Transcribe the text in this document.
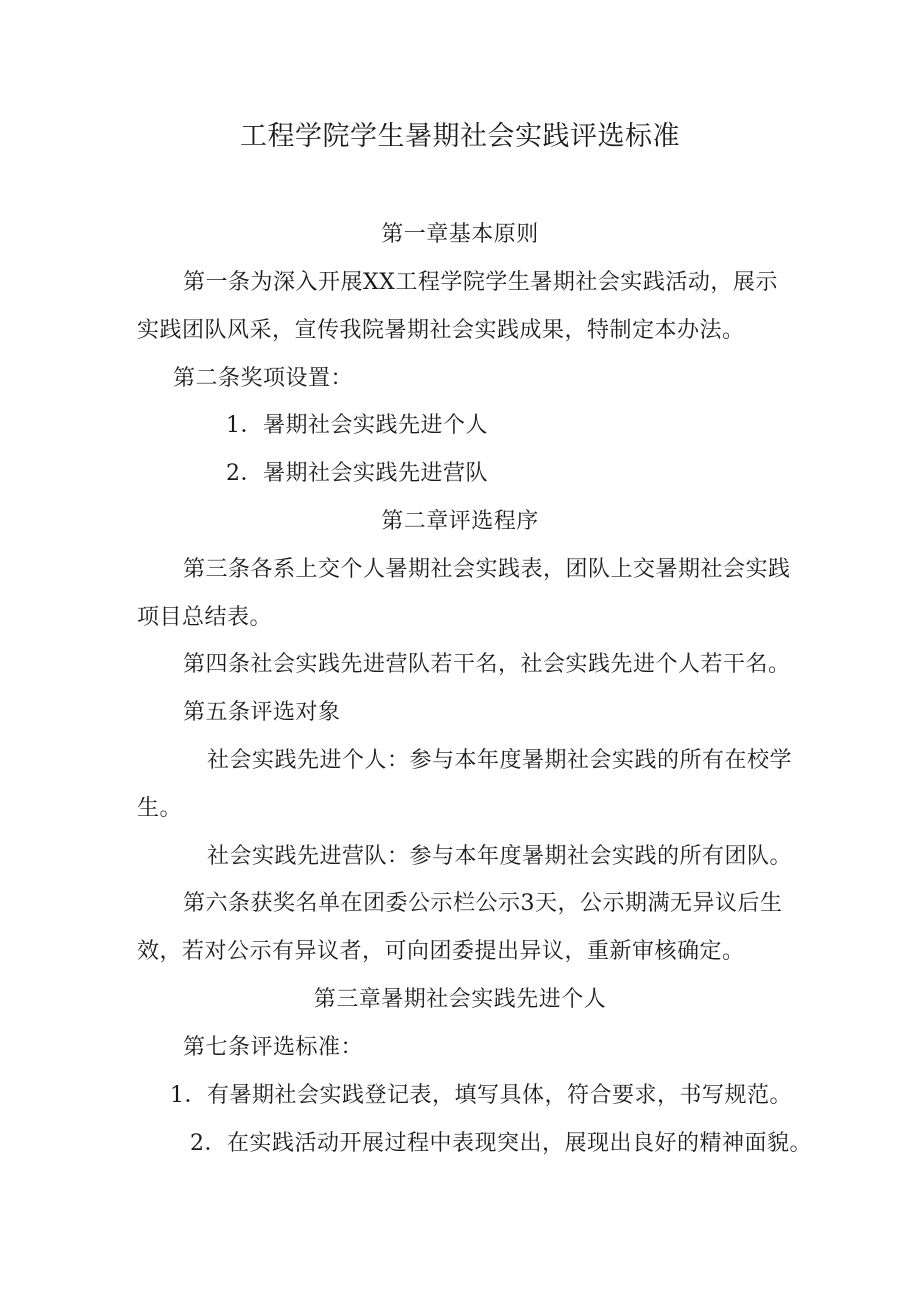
工程学院学生暑期社会实践评选标准
第一章基本原则
第一条为深入开展XX工程学院学生暑期社会实践活动，展示
实践团队风采，宣传我院暑期社会实践成果，特制定本办法。
第二条奖项设置：
1．暑期社会实践先进个人
2．暑期社会实践先进营队
第二章评选程序
第三条各系上交个人暑期社会实践表，团队上交暑期社会实践
项目总结表。
第四条社会实践先进营队若干名，社会实践先进个人若干名。
第五条评选对象
社会实践先进个人：参与本年度暑期社会实践的所有在校学
生。
社会实践先进营队：参与本年度暑期社会实践的所有团队。
第六条获奖名单在团委公示栏公示3天，公示期满无异议后生
效，若对公示有异议者，可向团委提出异议，重新审核确定。
第三章暑期社会实践先进个人
第七条评选标准：
1．有暑期社会实践登记表，填写具体，符合要求，书写规范。
2．在实践活动开展过程中表现突出，展现出良好的精神面貌。
